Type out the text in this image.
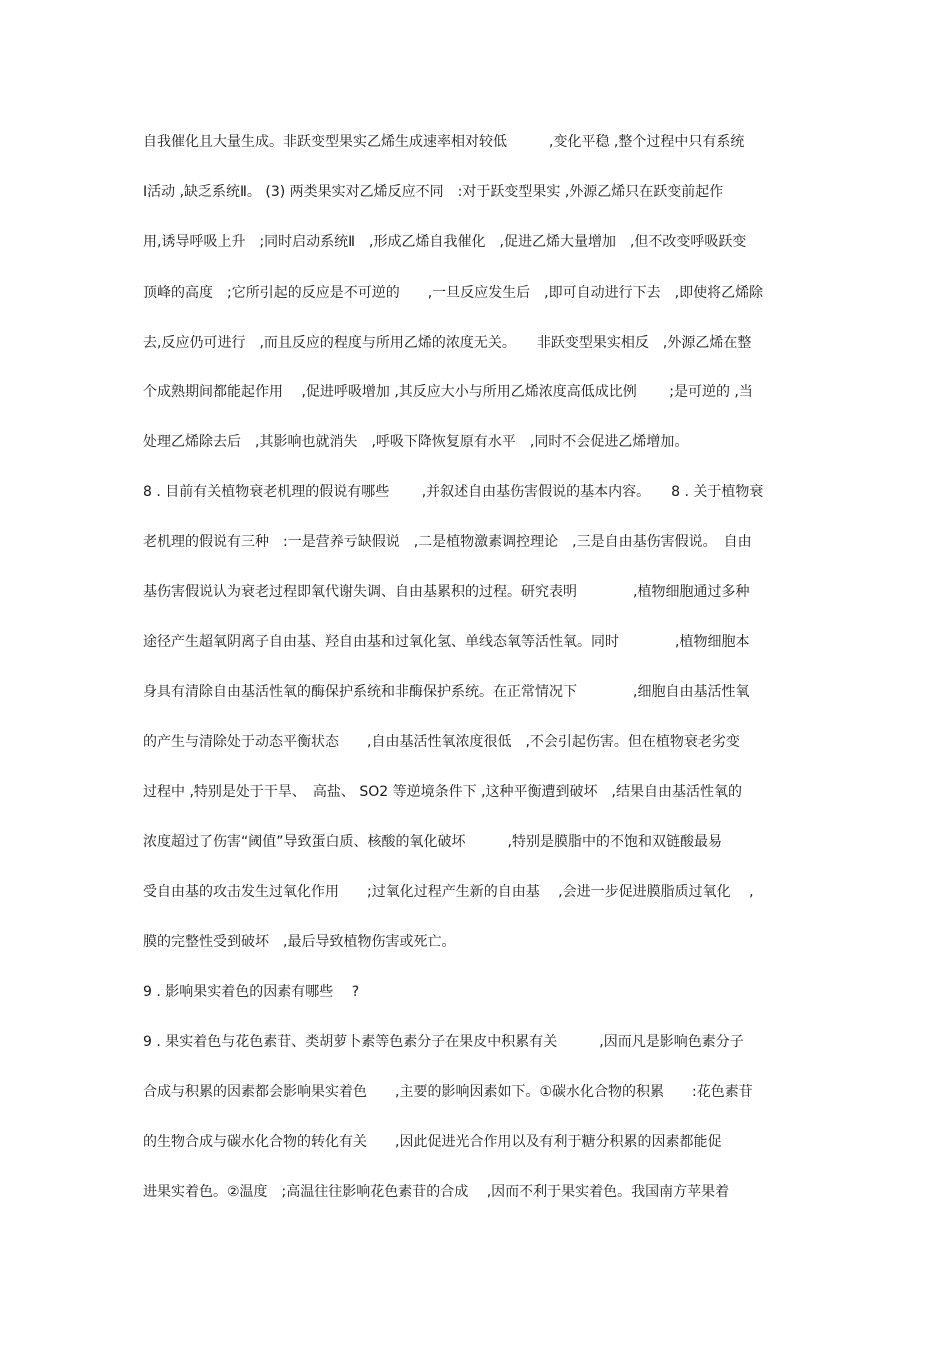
自我催化且大量生成。非跃变型果实乙烯生成速率相对较低　　　,变化平稳 ,整个过程中只有系统
Ⅰ活动 ,缺乏系统Ⅱ。 (3) 两类果实对乙烯反应不同　:对于跃变型果实 ,外源乙烯只在跃变前起作
用,诱导呼吸上升　;同时启动系统Ⅱ　,形成乙烯自我催化　,促进乙烯大量增加　,但不改变呼吸跃变
顶峰的高度　;它所引起的反应是不可逆的　　,一旦反应发生后　,即可自动进行下去　,即使将乙烯除
去,反应仍可进行　,而且反应的程度与所用乙烯的浓度无关。　　非跃变型果实相反　,外源乙烯在整
个成熟期间都能起作用　 ,促进呼吸增加 ,其反应大小与所用乙烯浓度高低成比例　　 ;是可逆的 ,当
处理乙烯除去后　,其影响也就消失　,呼吸下降恢复原有水平　,同时不会促进乙烯增加。
8 . 目前有关植物衰老机理的假说有哪些　　 ,并叙述自由基伤害假说的基本内容。　　8 . 关于植物衰
老机理的假说有三种　:一是营养亏缺假说　,二是植物激素调控理论　,三是自由基伤害假说。　自由
基伤害假说认为衰老过程即氧代谢失调、自由基累积的过程。研究表明　　　　,植物细胞通过多种
途径产生超氧阴离子自由基、羟自由基和过氧化氢、单线态氧等活性氧。同时　　　　,植物细胞本
身具有清除自由基活性氧的酶保护系统和非酶保护系统。在正常情况下　　　　,细胞自由基活性氧
的产生与清除处于动态平衡状态　　,自由基活性氧浓度很低　,不会引起伤害。但在植物衰老劣变
过程中 ,特别是处于干旱、　高盐、 SO2 等逆境条件下 ,这种平衡遭到破坏　,结果自由基活性氧的
浓度超过了伤害“阈值”导致蛋白质、核酸的氧化破坏　　　,特别是膜脂中的不饱和双链酸最易
受自由基的攻击发生过氧化作用　　;过氧化过程产生新的自由基　 ,会进一步促进膜脂质过氧化　 ,
膜的完整性受到破坏　,最后导致植物伤害或死亡。
9 . 影响果实着色的因素有哪些　 ?
9 . 果实着色与花色素苷、类胡萝卜素等色素分子在果皮中积累有关　　　,因而凡是影响色素分子
合成与积累的因素都会影响果实着色　　,主要的影响因素如下。①碳水化合物的积累　　:花色素苷
的生物合成与碳水化合物的转化有关　　,因此促进光合作用以及有利于糖分积累的因素都能促
进果实着色。②温度　;高温往往影响花色素苷的合成　 ,因而不利于果实着色。我国南方苹果着
